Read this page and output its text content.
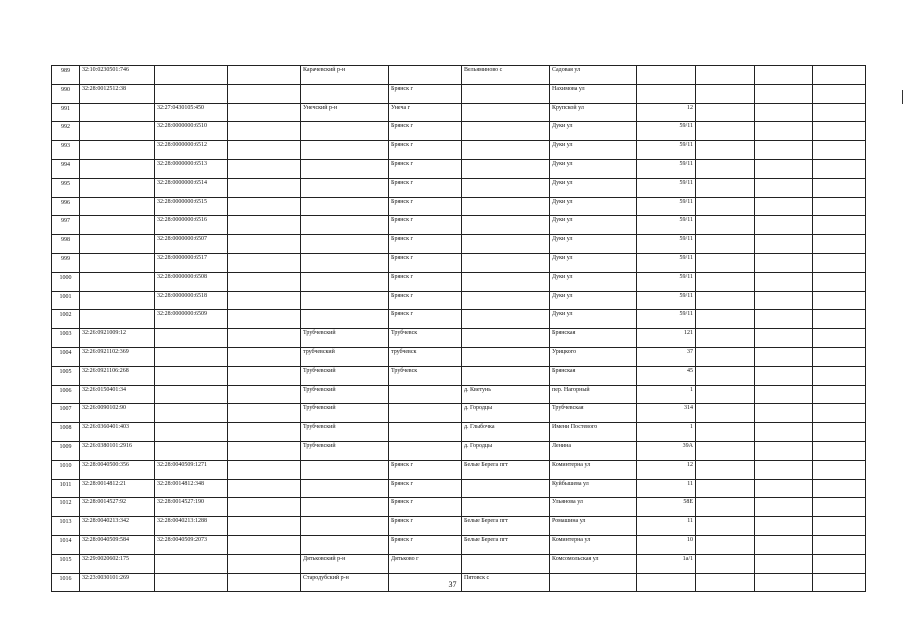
989	32:10:0230501:746			Карачевский р-н		Вельяминово с	Садовая ул				
990	32:28:0012512:38				Брянск г		Нахимова ул				
991		32:27:0430105:450		Унечский р-н	Унеча г		Крупской ул	12			
992		32:28:0000000:6510			Брянск г		Дуки ул	59/11			
993		32:28:0000000:6512			Брянск г		Дуки ул	59/11			
994		32:28:0000000:6513			Брянск г		Дуки ул	59/11			
995		32:28:0000000:6514			Брянск г		Дуки ул	59/11			
996		32:28:0000000:6515			Брянск г		Дуки ул	59/11			
997		32:28:0000000:6516			Брянск г		Дуки ул	59/11			
998		32:28:0000000:6507			Брянск г		Дуки ул	59/11			
999		32:28:0000000:6517			Брянск г		Дуки ул	59/11			
1000		32:28:0000000:6508			Брянск г		Дуки ул	59/11			
1001		32:28:0000000:6518			Брянск г		Дуки ул	59/11			
1002		32:28:0000000:6509			Брянск г		Дуки ул	59/11			
1003	32:26:0921009:12			Трубчевский	Трубчевск		Брянская	121			
1004	32:26:0921102:369			трубчевский	трубчевск		Урицкого	37			
1005	32:26:0921106:268			Трубчевский	Трубчевск		Брянская	45			
1006	32:26:0150401:34			Трубчевский		д. Кветунь	пер. Нагорный	1			
1007	32:26:0090102:90			Трубчевский		д. Городцы	Трубчевская	314			
1008	32:26:0360401:403			Трубчевский		д. Глыбочка	Имени Постевого	1			
1009	32:26:0380101:2916			Трубчевский		д. Городцы	Ленина	39А			
1010	32:28:0040500:356	32:28:0040509:1271			Брянск г	Белые Берега пгт	Коминтерна ул	12			
1011	32:28:0014812:21	32:28:0014812:348			Брянск г		Куйбышева ул	11			
1012	32:28:0014527:92	32:28:0014527:190			Брянск г		Ульянова ул	58Е			
1013	32:28:0040213:342	32:28:0040213:1288			Брянск г	Белые Берега пгт	Ромашина ул	11			
1014	32:28:0040509:584	32:28:0040509:2073			Брянск г	Белые Берега пгт	Коминтерна ул	10			
1015	32:29:0020602:175			Дятьковский р-н	Дятьково г		Комсомольская ул	1а/1			
1016	32:23:0030101:269			Стародубский р-н		Пятовск с					
37
